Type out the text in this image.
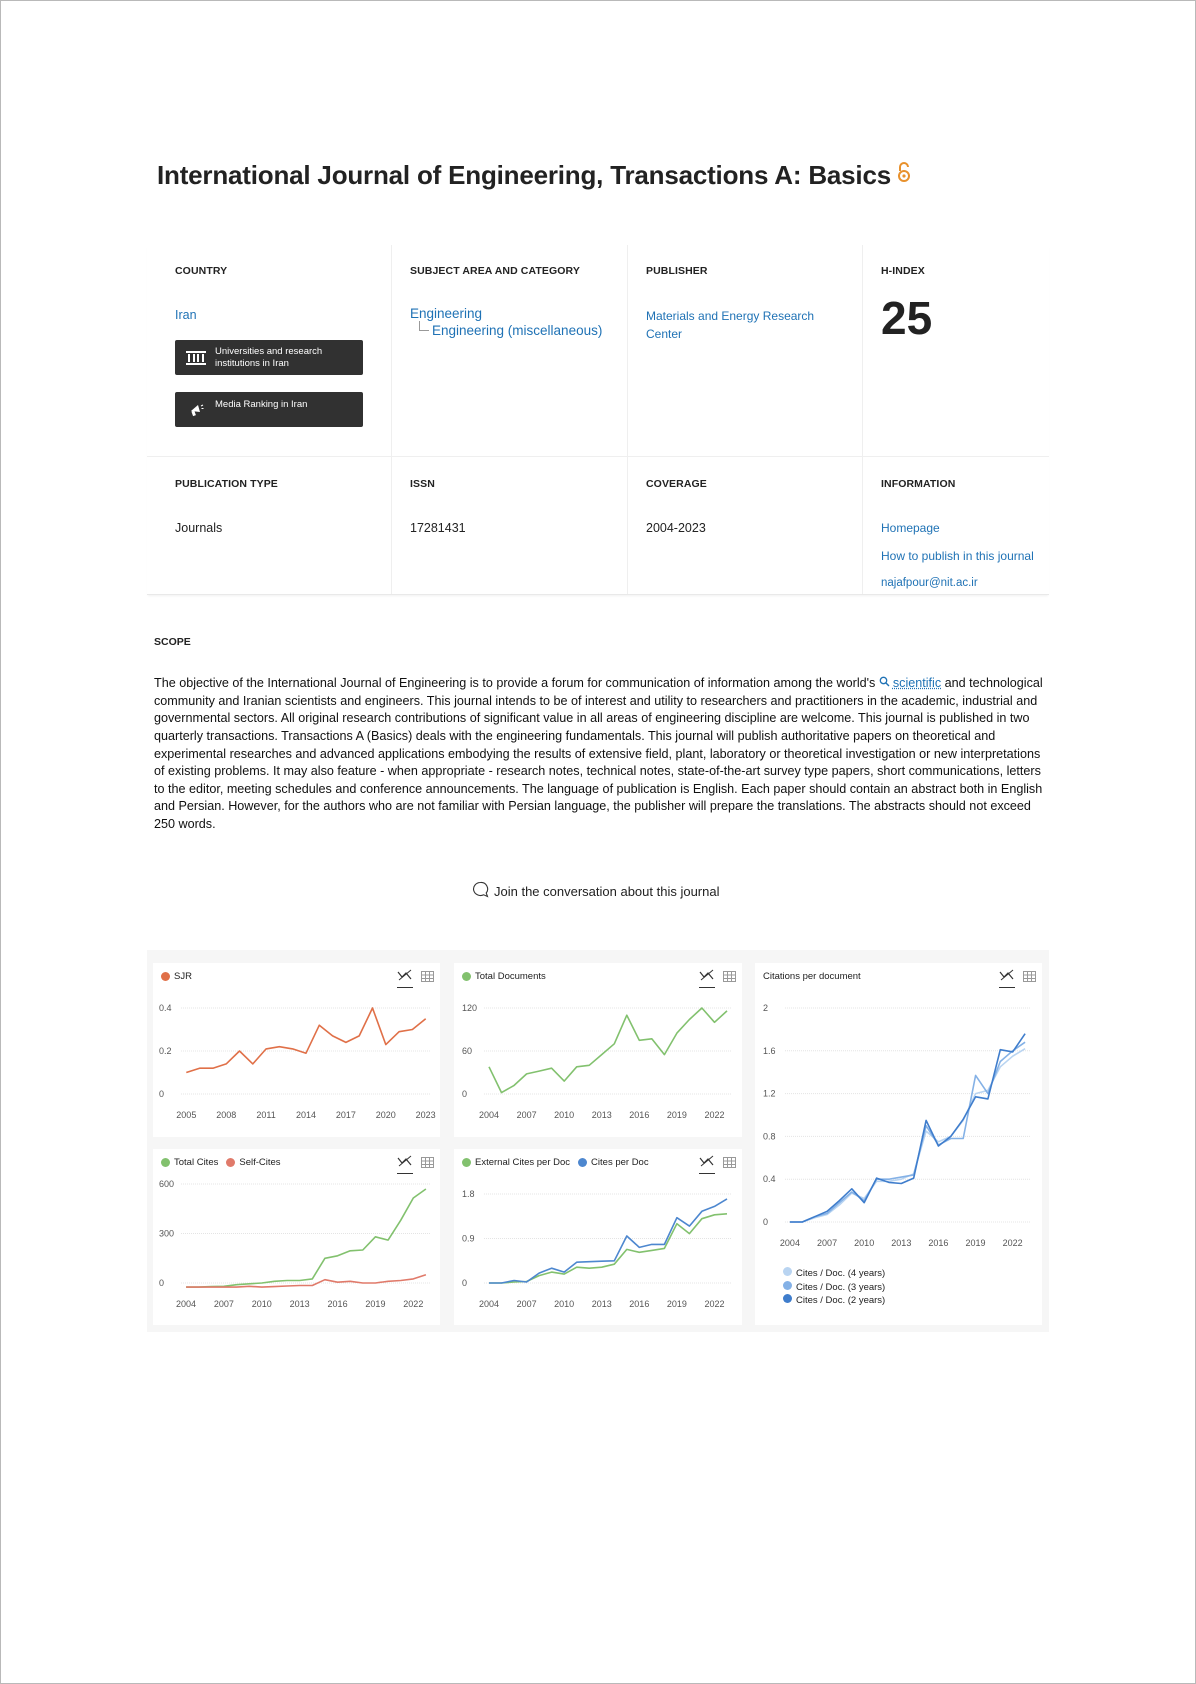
International Journal of Engineering, Transactions A: Basics
COUNTRY
Iran
Universities and research institutions in Iran
Media Ranking in Iran
SUBJECT AREA AND CATEGORY
Engineering
Engineering (miscellaneous)
PUBLISHER
Materials and Energy Research Center
H-INDEX
25
PUBLICATION TYPE
Journals
ISSN
17281431
COVERAGE
2004-2023
INFORMATION
Homepage
How to publish in this journal
najafpour@nit.ac.ir
SCOPE
The objective of the International Journal of Engineering is to provide a forum for communication of information among the world's scientific and technological community and Iranian scientists and engineers. This journal intends to be of interest and utility to researchers and practitioners in the academic, industrial and governmental sectors. All original research contributions of significant value in all areas of engineering discipline are welcome. This journal is published in two quarterly transactions. Transactions A (Basics) deals with the engineering fundamentals. This journal will publish authoritative papers on theoretical and experimental researches and advanced applications embodying the results of extensive field, plant, laboratory or theoretical investigation or new interpretations of existing problems. It may also feature - when appropriate - research notes, technical notes, state-of-the-art survey type papers, short communications, letters to the editor, meeting schedules and conference announcements. The language of publication is English. Each paper should contain an abstract both in English and Persian. However, for the authors who are not familiar with Persian language, the publisher will prepare the translations. The abstracts should not exceed 250 words.
Join the conversation about this journal
SJR
0
0.2
0.4
2005 2008 2011 2014 2017 2020 2023
Total Documents
0
60
120
2004 2007 2010 2013 2016 2019 2022
Citations per document
0
0.4
0.8
1.2
1.6
2
2004 2007 2010 2013 2016 2019 2022
Cites / Doc. (4 years)
Cites / Doc. (3 years)
Cites / Doc. (2 years)
Total Cites Self-Cites
0
300
600
2004 2007 2010 2013 2016 2019 2022
External Cites per Doc Cites per Doc
0
0.9
1.8
2004 2007 2010 2013 2016 2019 2022
